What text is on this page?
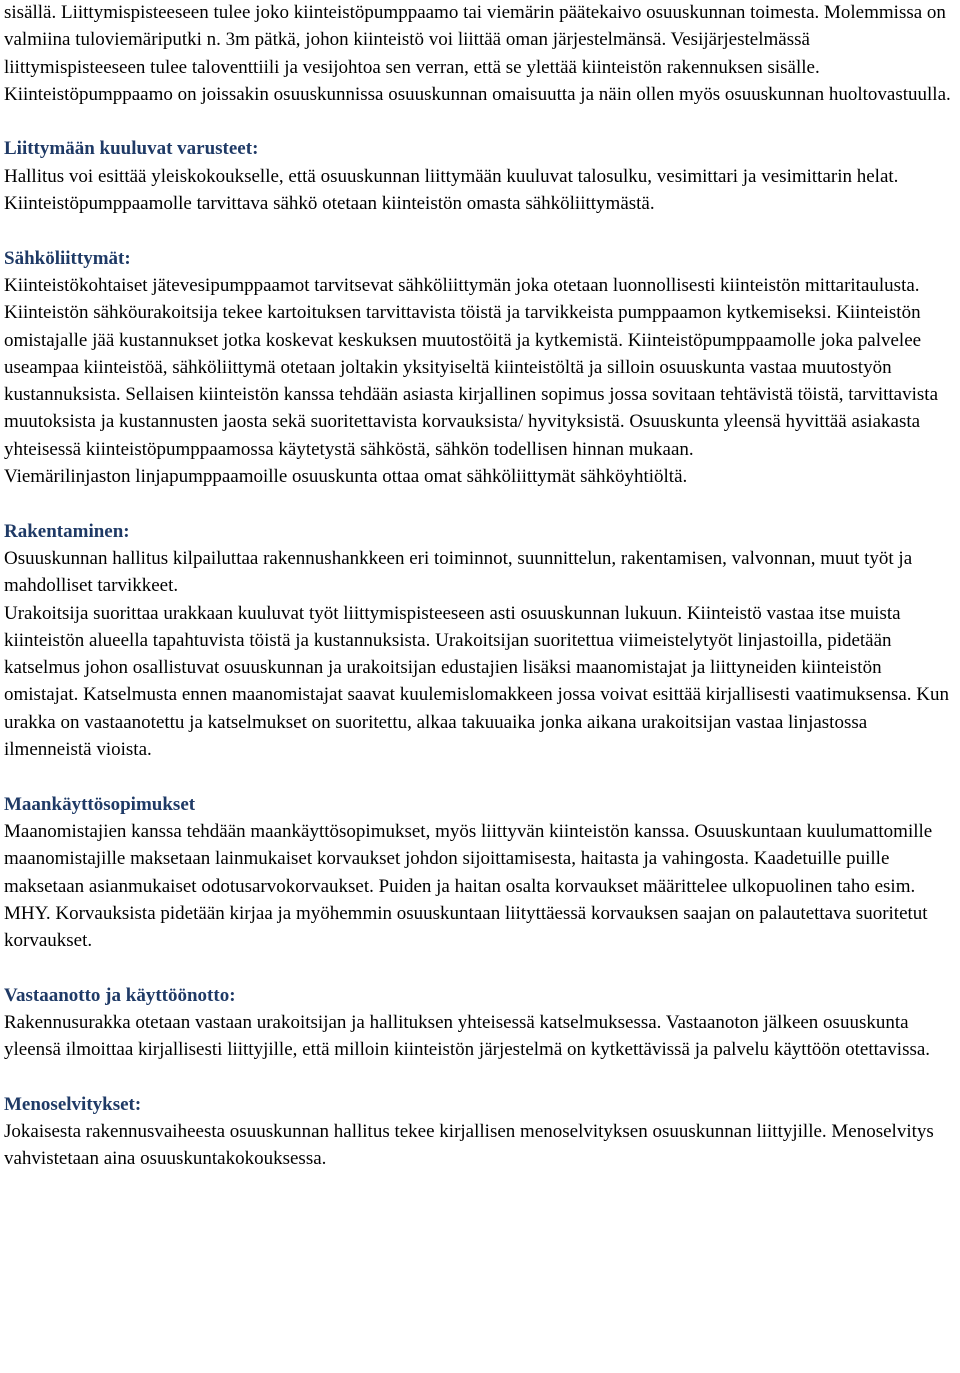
sisällä. Liittymispisteeseen tulee joko kiinteistöpumppaamo tai viemärin päätekaivo osuuskunnan toimesta. Molemmissa on valmiina tuloviemäriputki n. 3m pätkä, johon kiinteistö voi liittää oman järjestelmänsä. Vesijärjestelmässä liittymispisteeseen tulee taloventtiili ja vesijohtoa sen verran, että se ylettää kiinteistön rakennuksen sisälle. Kiinteistöpumppaamo on joissakin osuuskunnissa osuuskunnan omaisuutta ja näin ollen myös osuuskunnan huoltovastuulla.

Liittymään kuuluvat varusteet:

Hallitus voi esittää yleiskokoukselle, että osuuskunnan liittymään kuuluvat talosulku, vesimittari ja vesimittarin helat. Kiinteistöpumppaamolle tarvittava sähkö otetaan kiinteistön omasta sähköliittymästä.

Sähköliittymät:

Kiinteistökohtaiset jätevesipumppaamot tarvitsevat sähköliittymän joka otetaan luonnollisesti kiinteistön mittaritaulusta. Kiinteistön sähköurakoitsija tekee kartoituksen tarvittavista töistä ja tarvikkeista pumppaamon kytkemiseksi. Kiinteistön omistajalle jää kustannukset jotka koskevat keskuksen muutostöitä ja kytkemistä. Kiinteistöpumppaamolle joka palvelee useampaa kiinteistöä, sähköliittymä otetaan joltakin yksityiseltä kiinteistöltä ja silloin osuuskunta vastaa muutostyön kustannuksista. Sellaisen kiinteistön kanssa tehdään asiasta kirjallinen sopimus jossa sovitaan tehtävistä töistä, tarvittavista muutoksista ja kustannusten jaosta sekä suoritettavista korvauksista/ hyvityksistä. Osuuskunta yleensä hyvittää asiakasta yhteisessä kiinteistöpumppaamossa käytetystä sähköstä, sähkön todellisen hinnan mukaan.

Viemärilinjaston linjapumppaamoille osuuskunta ottaa omat sähköliittymät sähköyhtiöltä.

Rakentaminen:

Osuuskunnan hallitus kilpailuttaa rakennushankkeen eri toiminnot, suunnittelun, rakentamisen, valvonnan, muut työt ja mahdolliset tarvikkeet.

Urakoitsija suorittaa urakkaan kuuluvat työt liittymispisteeseen asti osuuskunnan lukuun. Kiinteistö vastaa itse muista kiinteistön alueella tapahtuvista töistä ja kustannuksista. Urakoitsijan suoritettua viimeistelytyöt linjastoilla, pidetään katselmus johon osallistuvat osuuskunnan ja urakoitsijan edustajien lisäksi maanomistajat ja liittyneiden kiinteistön omistajat. Katselmusta ennen maanomistajat saavat kuulemislomakkeen jossa voivat esittää kirjallisesti vaatimuksensa. Kun urakka on vastaanotettu ja katselmukset on suoritettu, alkaa takuuaika jonka aikana urakoitsijan vastaa linjastossa ilmenneistä vioista.

Maankäyttösopimukset

Maanomistajien kanssa tehdään maankäyttösopimukset, myös liittyvän kiinteistön kanssa. Osuuskuntaan kuulumattomille maanomistajille maksetaan lainmukaiset korvaukset johdon sijoittamisesta, haitasta ja vahingosta. Kaadetuille puille maksetaan asianmukaiset odotusarvokorvaukset. Puiden ja haitan osalta korvaukset määrittelee ulkopuolinen taho esim. MHY. Korvauksista pidetään kirjaa ja myöhemmin osuuskuntaan liityttäessä korvauksen saajan on palautettava suoritetut korvaukset.

Vastaanotto ja käyttöönotto:

Rakennusurakka otetaan vastaan urakoitsijan ja hallituksen yhteisessä katselmuksessa. Vastaanoton jälkeen osuuskunta yleensä ilmoittaa kirjallisesti liittyjille, että milloin kiinteistön järjestelmä on kytkettävissä ja palvelu käyttöön otettavissa.

Menoselvitykset:

Jokaisesta rakennusvaiheesta osuuskunnan hallitus tekee kirjallisen menoselvityksen osuuskunnan liittyjille. Menoselvitys vahvistetaan aina osuuskuntakokouksessa.
